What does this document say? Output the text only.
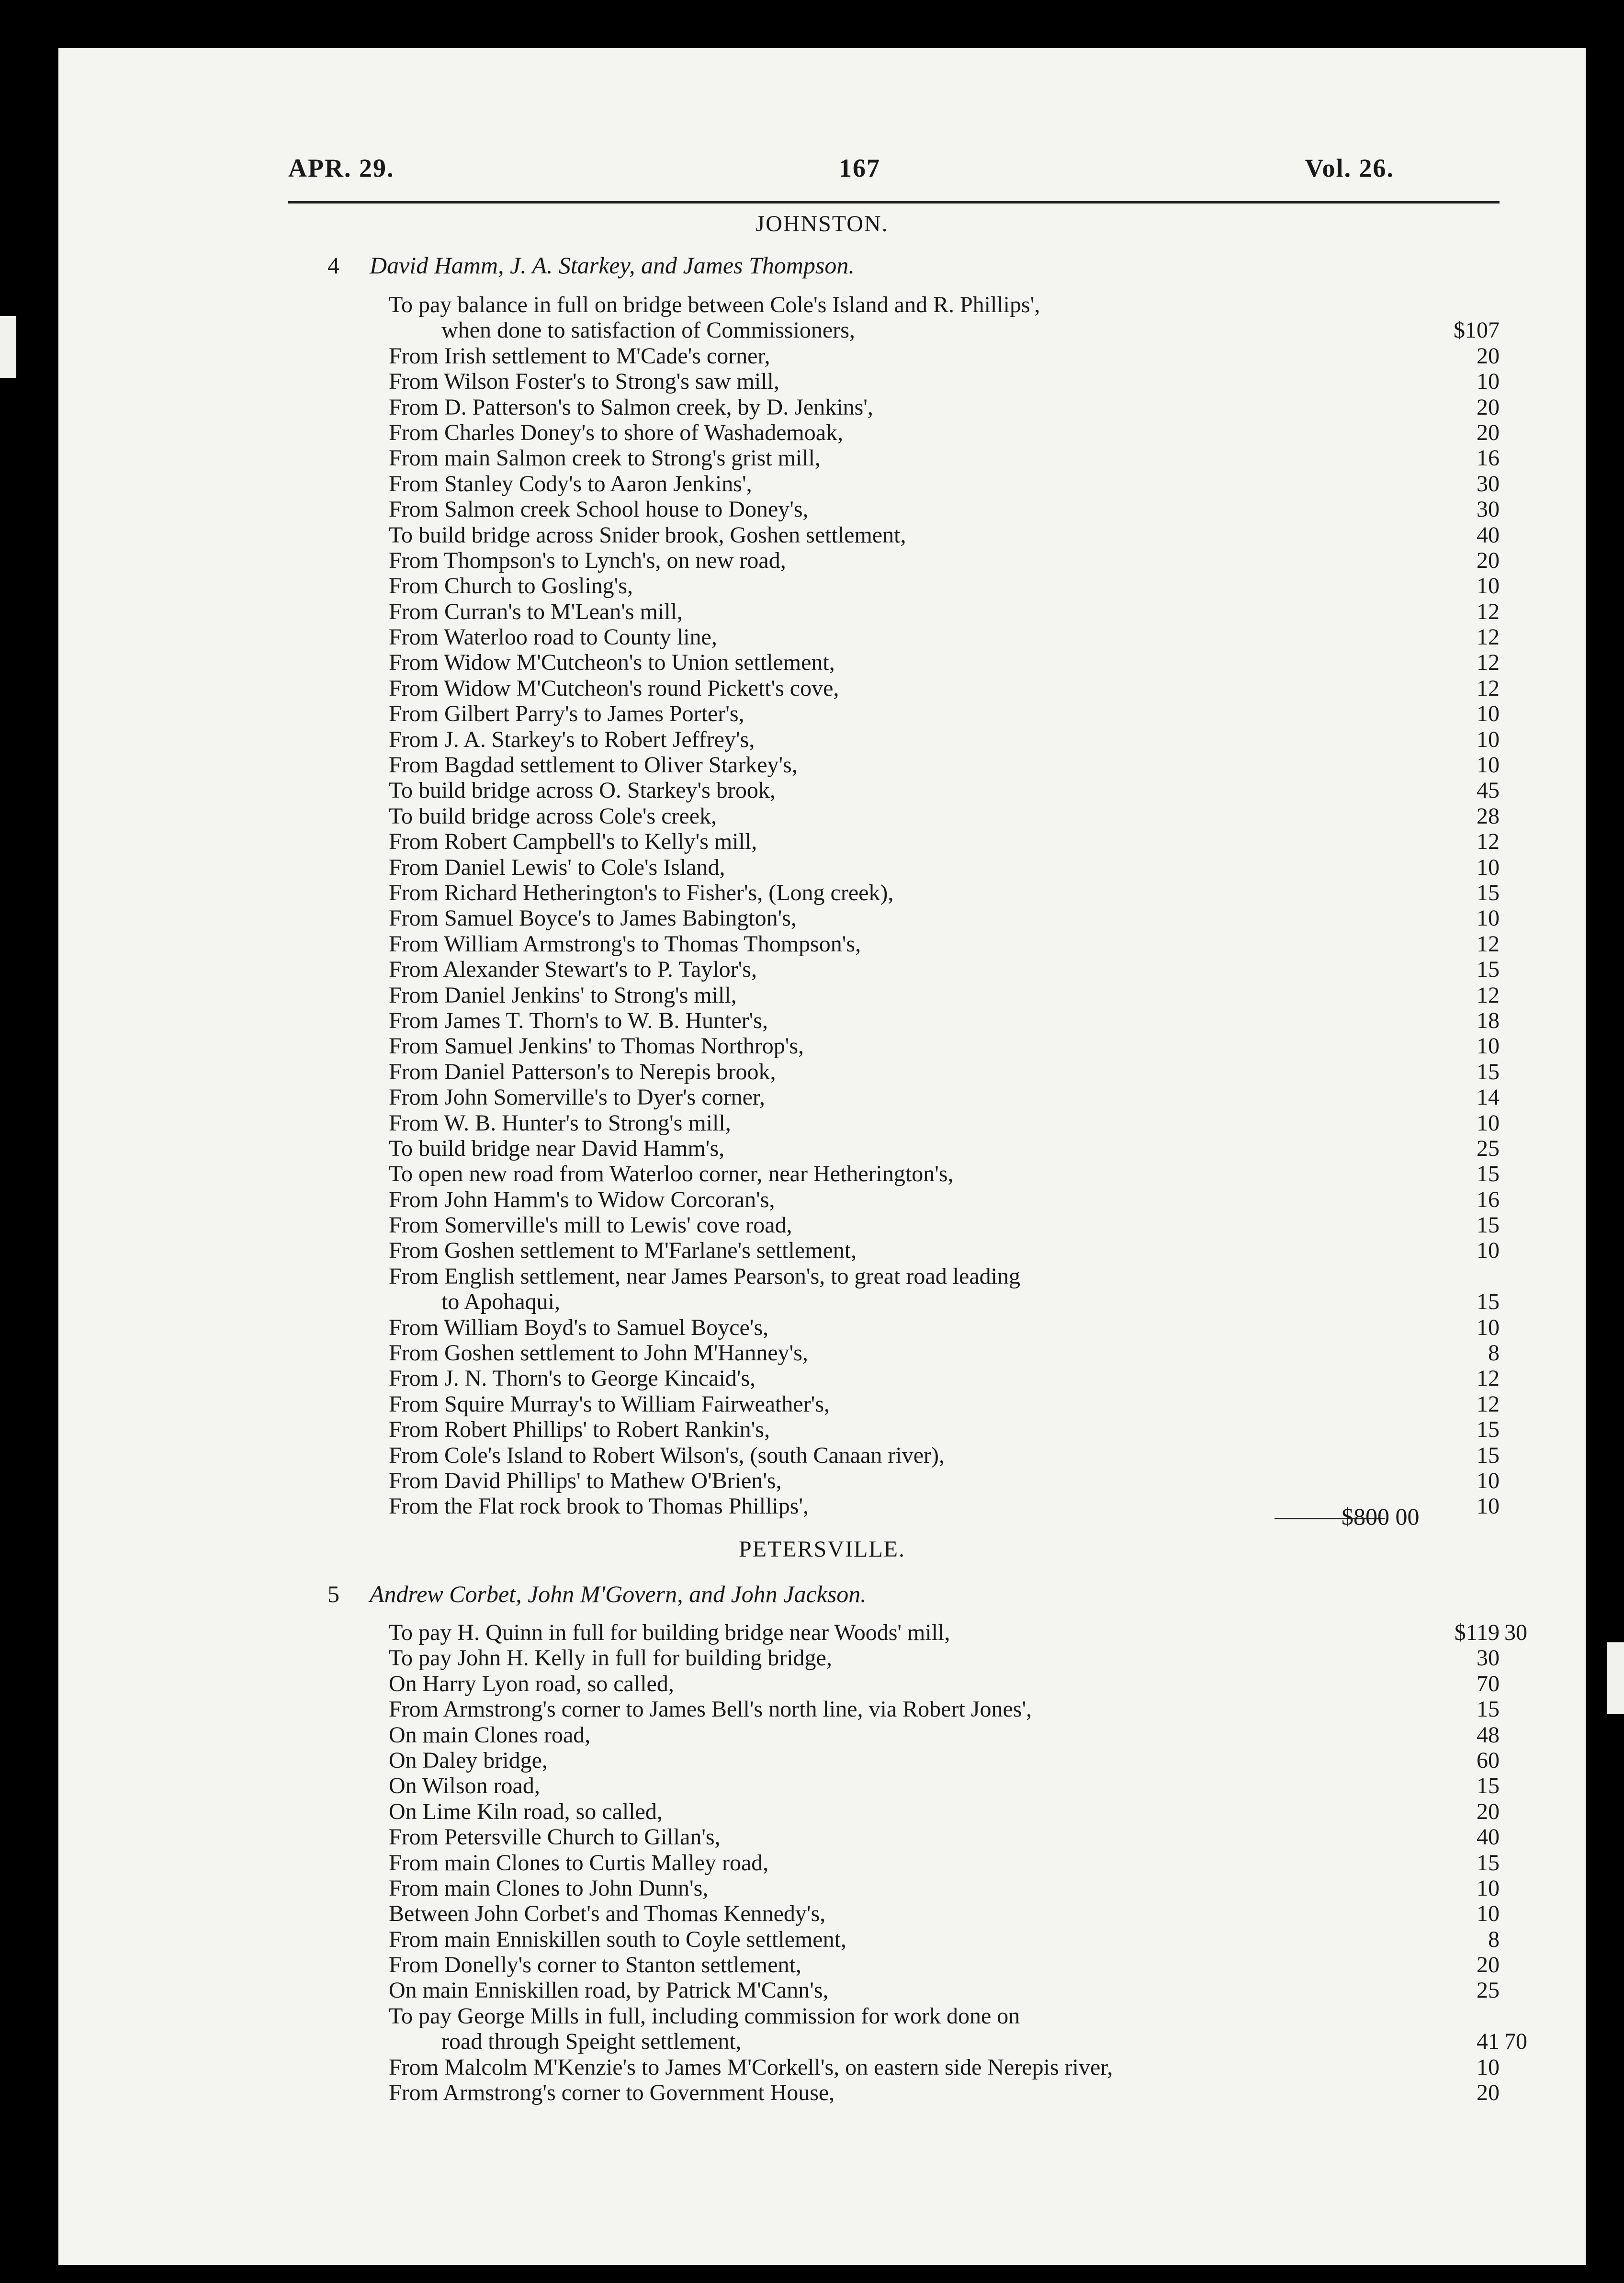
APR. 29.	167	Vol. 26.
JOHNSTON.
4 David Hamm, J. A. Starkey, and James Thompson.
To pay balance in full on bridge between Cole's Island and R. Phillips',
when done to satisfaction of Commissioners,	$107
From Irish settlement to M'Cade's corner,	20
From Wilson Foster's to Strong's saw mill,	10
From D. Patterson's to Salmon creek, by D. Jenkins',	20
From Charles Doney's to shore of Washademoak,	20
From main Salmon creek to Strong's grist mill,	16
From Stanley Cody's to Aaron Jenkins',	30
From Salmon creek School house to Doney's,	30
To build bridge across Snider brook, Goshen settlement,	40
From Thompson's to Lynch's, on new road,	20
From Church to Gosling's,	10
From Curran's to M'Lean's mill,	12
From Waterloo road to County line,	12
From Widow M'Cutcheon's to Union settlement,	12
From Widow M'Cutcheon's round Pickett's cove,	12
From Gilbert Parry's to James Porter's,	10
From J. A. Starkey's to Robert Jeffrey's,	10
From Bagdad settlement to Oliver Starkey's,	10
To build bridge across O. Starkey's brook,	45
To build bridge across Cole's creek,	28
From Robert Campbell's to Kelly's mill,	12
From Daniel Lewis' to Cole's Island,	10
From Richard Hetherington's to Fisher's, (Long creek),	15
From Samuel Boyce's to James Babington's,	10
From William Armstrong's to Thomas Thompson's,	12
From Alexander Stewart's to P. Taylor's,	15
From Daniel Jenkins' to Strong's mill,	12
From James T. Thorn's to W. B. Hunter's,	18
From Samuel Jenkins' to Thomas Northrop's,	10
From Daniel Patterson's to Nerepis brook,	15
From John Somerville's to Dyer's corner,	14
From W. B. Hunter's to Strong's mill,	10
To build bridge near David Hamm's,	25
To open new road from Waterloo corner, near Hetherington's,	15
From John Hamm's to Widow Corcoran's,	16
From Somerville's mill to Lewis' cove road,	15
From Goshen settlement to M'Farlane's settlement,	10
From English settlement, near James Pearson's, to great road leading
to Apohaqui,	15
From William Boyd's to Samuel Boyce's,	10
From Goshen settlement to John M'Hanney's,	8
From J. N. Thorn's to George Kincaid's,	12
From Squire Murray's to William Fairweather's,	12
From Robert Phillips' to Robert Rankin's,	15
From Cole's Island to Robert Wilson's, (south Canaan river),	15
From David Phillips' to Mathew O'Brien's,	10
From the Flat rock brook to Thomas Phillips',	10
$800 00
PETERSVILLE.
5 Andrew Corbet, John M'Govern, and John Jackson.
To pay H. Quinn in full for building bridge near Woods' mill,	$119 30
To pay John H. Kelly in full for building bridge,	30
On Harry Lyon road, so called,	70
From Armstrong's corner to James Bell's north line, via Robert Jones',	15
On main Clones road,	48
On Daley bridge,	60
On Wilson road,	15
On Lime Kiln road, so called,	20
From Petersville Church to Gillan's,	40
From main Clones to Curtis Malley road,	15
From main Clones to John Dunn's,	10
Between John Corbet's and Thomas Kennedy's,	10
From main Enniskillen south to Coyle settlement,	8
From Donelly's corner to Stanton settlement,	20
On main Enniskillen road, by Patrick M'Cann's,	25
To pay George Mills in full, including commission for work done on
road through Speight settlement,	41 70
From Malcolm M'Kenzie's to James M'Corkell's, on eastern side Nerepis river,	10
From Armstrong's corner to Government House,	20
